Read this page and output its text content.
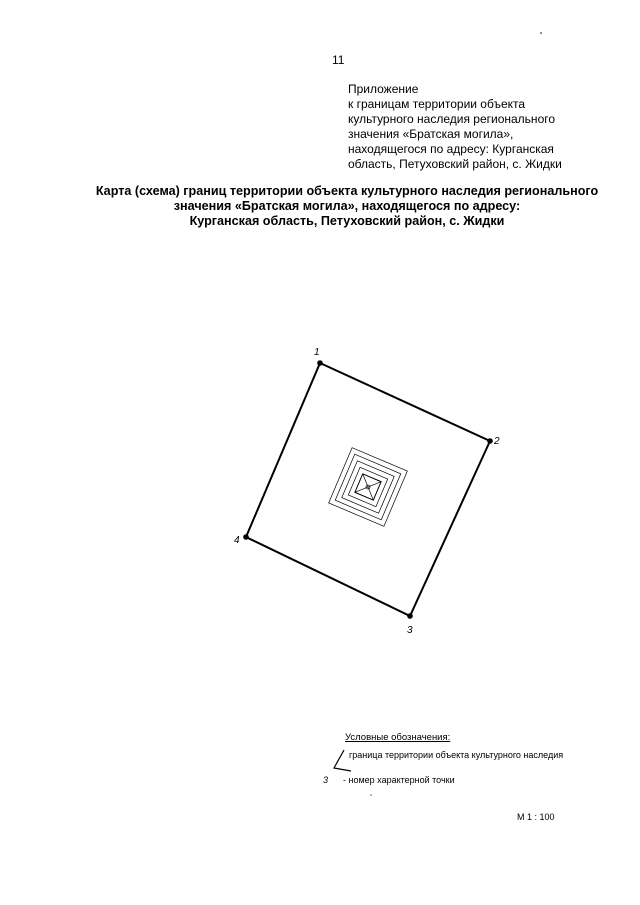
11
Приложение
к границам территории объекта
культурного наследия регионального
значения «Братская могила»,
находящегося по адресу: Курганская
область, Петуховский район, с. Жидки
Карта (схема) границ территории объекта культурного наследия регионального
значения «Братская могила», находящегося по адресу:
Курганская область, Петуховский район, с. Жидки
1
2
3
4
Условные обозначения:
граница территории объекта культурного наследия
3 - номер характерной точки
М 1 : 100
